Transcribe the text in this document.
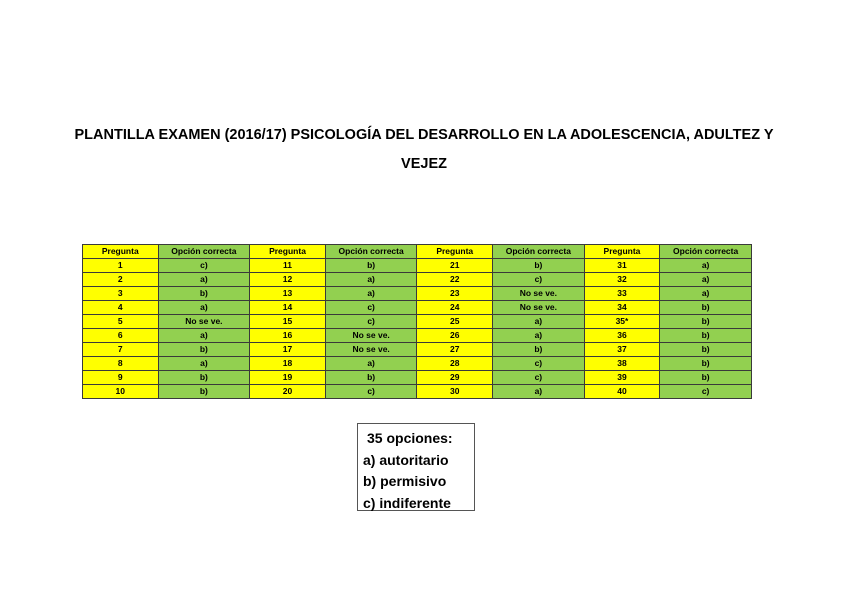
PLANTILLA EXAMEN (2016/17) PSICOLOGÍA DEL DESARROLLO EN LA ADOLESCENCIA, ADULTEZ Y
VEJEZ
Pregunta	Opción correcta	Pregunta	Opción correcta	Pregunta	Opción correcta	Pregunta	Opción correcta
1	c)	11	b)	21	b)	31	a)
2	a)	12	a)	22	c)	32	a)
3	b)	13	a)	23	No se ve.	33	a)
4	a)	14	c)	24	No se ve.	34	b)
5	No se ve.	15	c)	25	a)	35*	b)
6	a)	16	No se ve.	26	a)	36	b)
7	b)	17	No se ve.	27	b)	37	b)
8	a)	18	a)	28	c)	38	b)
9	b)	19	b)	29	c)	39	b)
10	b)	20	c)	30	a)	40	c)
35 opciones:
a) autoritario
b) permisivo
c) indiferente
